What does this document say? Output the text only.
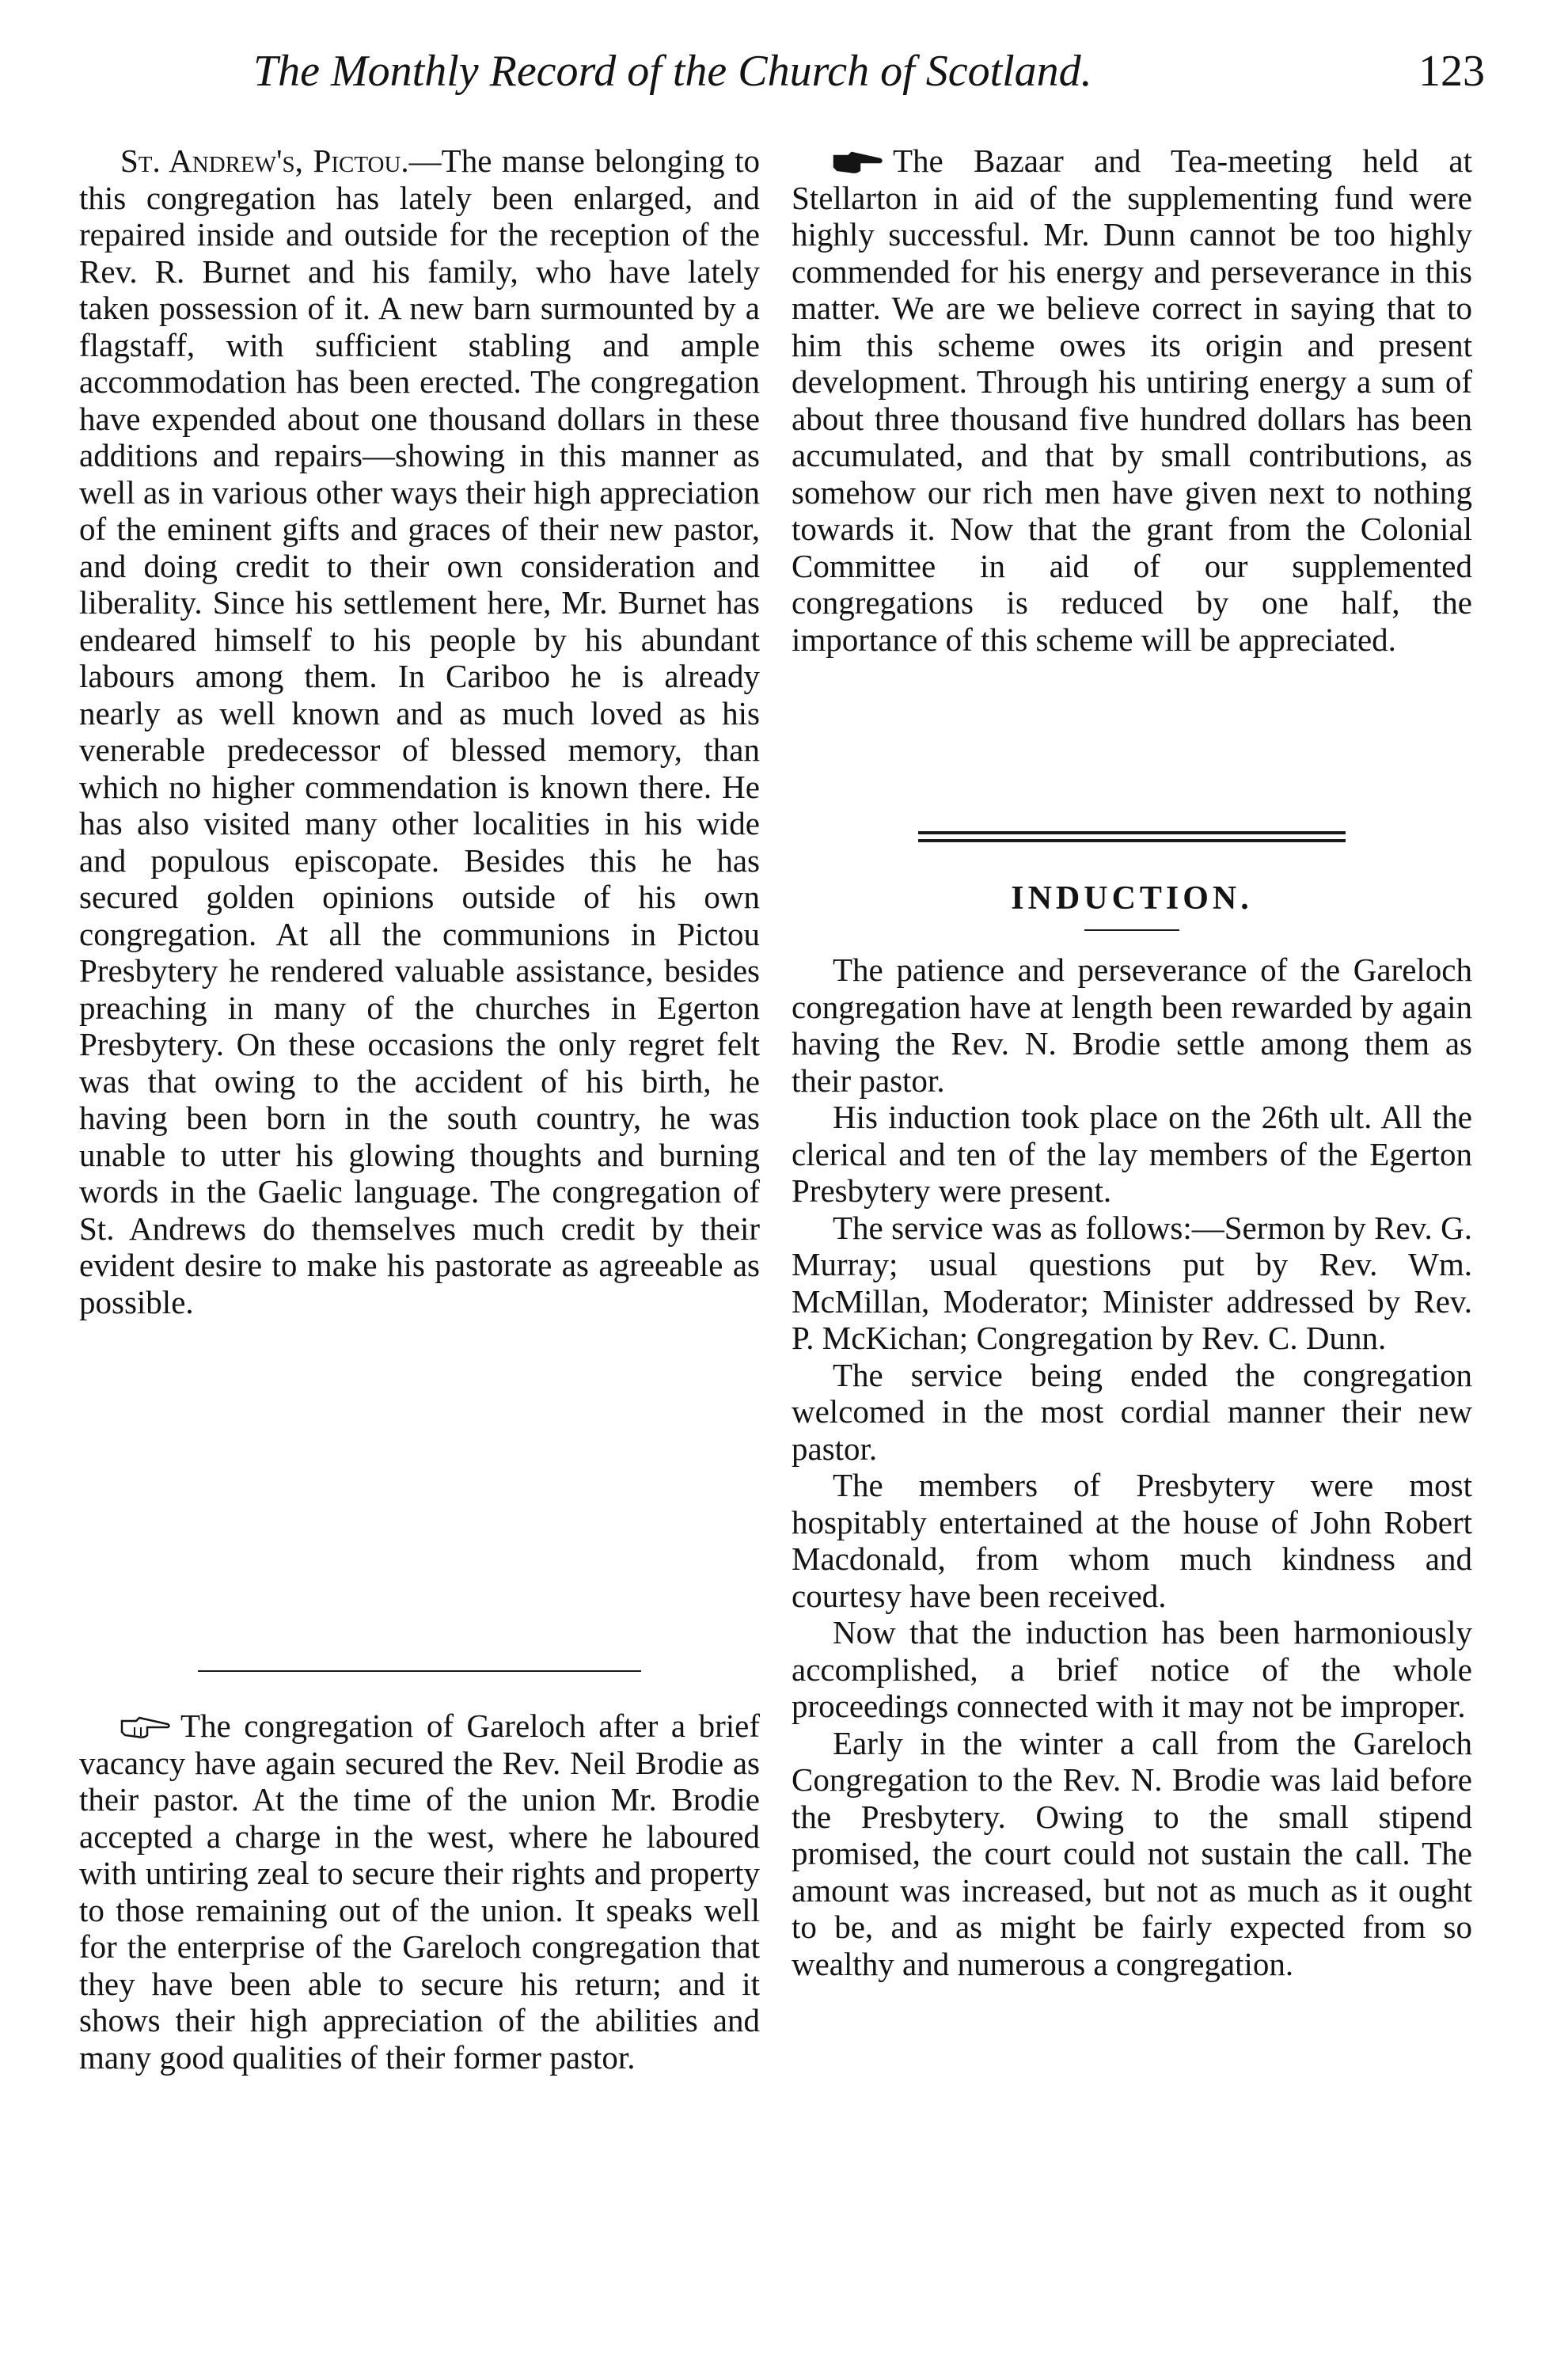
The Monthly Record of the Church of Scotland.	123

St. Andrew's, Pictou.—The manse belonging to this congregation has lately been enlarged, and repaired inside and outside for the reception of the Rev. R. Burnet and his family, who have lately taken possession of it. A new barn surmounted by a flagstaff, with sufficient stabling and ample accommodation has been erected. The congregation have expended about one thousand dollars in these additions and repairs—showing in this manner as well as in various other ways their high appreciation of the eminent gifts and graces of their new pastor, and doing credit to their own consideration and liberality. Since his settlement here, Mr. Burnet has endeared himself to his people by his abundant labours among them. In Cariboo he is already nearly as well known and as much loved as his venerable predecessor of blessed memory, than which no higher commendation is known there. He has also visited many other localities in his wide and populous episcopate. Besides this he has secured golden opinions outside of his own congregation. At all the communions in Pictou Presbytery he rendered valuable assistance, besides preaching in many of the churches in Egerton Presbytery. On these occasions the only regret felt was that owing to the accident of his birth, he having been born in the south country, he was unable to utter his glowing thoughts and burning words in the Gaelic language. The congregation of St. Andrews do themselves much credit by their evident desire to make his pastorate as agreeable as possible.

The congregation of Gareloch after a brief vacancy have again secured the Rev. Neil Brodie as their pastor. At the time of the union Mr. Brodie accepted a charge in the west, where he laboured with untiring zeal to secure their rights and property to those remaining out of the union. It speaks well for the enterprise of the Gareloch congregation that they have been able to secure his return; and it shows their high appreciation of the abilities and many good qualities of their former pastor.

The Bazaar and Tea-meeting held at Stellarton in aid of the supplementing fund were highly successful. Mr. Dunn cannot be too highly commended for his energy and perseverance in this matter. We are we believe correct in saying that to him this scheme owes its origin and present development. Through his untiring energy a sum of about three thousand five hundred dollars has been accumulated, and that by small contributions, as somehow our rich men have given next to nothing towards it. Now that the grant from the Colonial Committee in aid of our supplemented congregations is reduced by one half, the importance of this scheme will be appreciated.

INDUCTION.

The patience and perseverance of the Gareloch congregation have at length been rewarded by again having the Rev. N. Brodie settle among them as their pastor.

His induction took place on the 26th ult. All the clerical and ten of the lay members of the Egerton Presbytery were present.

The service was as follows:—Sermon by Rev. G. Murray; usual questions put by Rev. Wm. McMillan, Moderator; Minister addressed by Rev. P. McKichan; Congregation by Rev. C. Dunn.

The service being ended the congregation welcomed in the most cordial manner their new pastor.

The members of Presbytery were most hospitably entertained at the house of John Robert Macdonald, from whom much kindness and courtesy have been received.

Now that the induction has been harmoniously accomplished, a brief notice of the whole proceedings connected with it may not be improper.

Early in the winter a call from the Gareloch Congregation to the Rev. N. Brodie was laid before the Presbytery. Owing to the small stipend promised, the court could not sustain the call. The amount was increased, but not as much as it ought to be, and as might be fairly expected from so wealthy and numerous a congregation.
